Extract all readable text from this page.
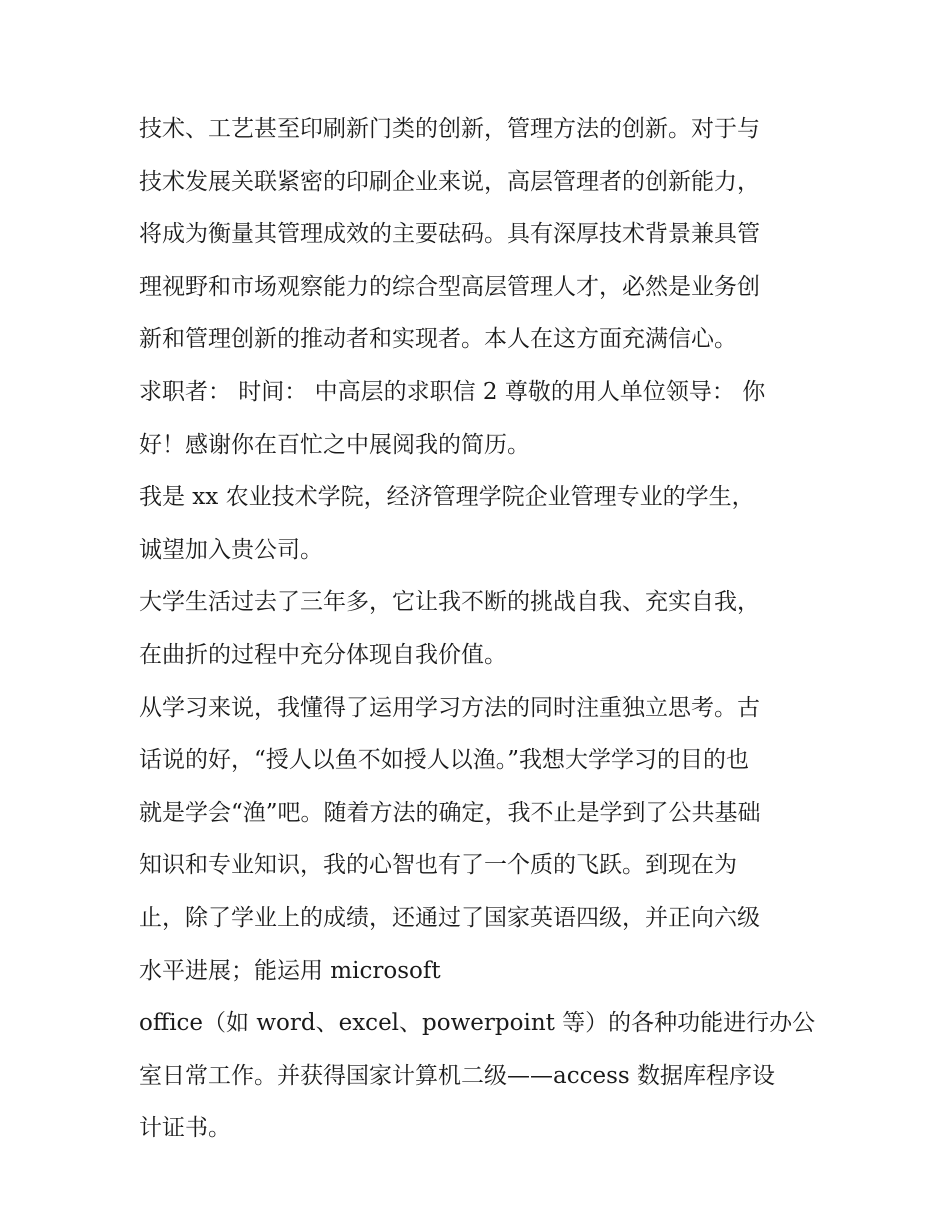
技术、工艺甚至印刷新门类的创新，管理方法的创新。对于与
技术发展关联紧密的印刷企业来说，高层管理者的创新能力，
将成为衡量其管理成效的主要砝码。具有深厚技术背景兼具管
理视野和市场观察能力的综合型高层管理人才，必然是业务创
新和管理创新的推动者和实现者。本人在这方面充满信心。
求职者： 时间： 中高层的求职信 2 尊敬的用人单位领导： 你
好！感谢你在百忙之中展阅我的简历。
我是 xx 农业技术学院，经济管理学院企业管理专业的学生，
诚望加入贵公司。
大学生活过去了三年多，它让我不断的挑战自我、充实自我，
在曲折的过程中充分体现自我价值。
从学习来说，我懂得了运用学习方法的同时注重独立思考。古
话说的好，“授人以鱼不如授人以渔。”我想大学学习的目的也
就是学会“渔”吧。随着方法的确定，我不止是学到了公共基础
知识和专业知识，我的心智也有了一个质的飞跃。到现在为
止，除了学业上的成绩，还通过了国家英语四级，并正向六级
水平进展；能运用 microsoft
office（如 word、excel、powerpoint 等）的各种功能进行办公
室日常工作。并获得国家计算机二级——access 数据库程序设
计证书。
